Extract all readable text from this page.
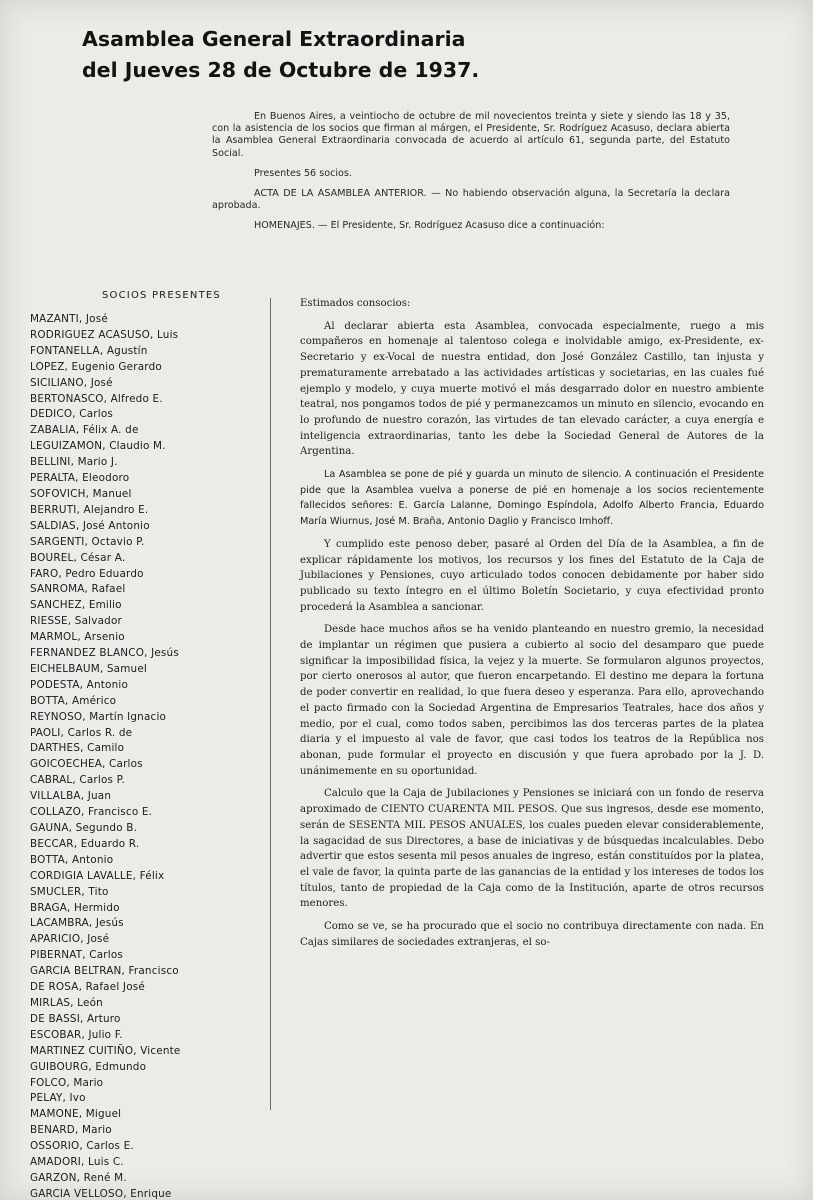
Asamblea General Extraordinaria
del Jueves 28 de Octubre de 1937.

En Buenos Aires, a veintiocho de octubre de mil novecientos treinta y siete y siendo las 18 y 35, con la asistencia de los socios que firman al márgen, el Presidente, Sr. Rodríguez Acasuso, declara abierta la Asamblea General Extraordinaria convocada de acuerdo al artículo 61, segunda parte, del Estatuto Social.

Presentes 56 socios.

ACTA DE LA ASAMBLEA ANTERIOR. — No habiendo observación alguna, la Secretaría la declara aprobada.

HOMENAJES. — El Presidente, Sr. Rodríguez Acasuso dice a continuación:

SOCIOS PRESENTES
MAZANTI, José
RODRIGUEZ ACASUSO, Luis
FONTANELLA, Agustín
LOPEZ, Eugenio Gerardo
SICILIANO, José
BERTONASCO, Alfredo E.
DEDICO, Carlos
ZABALIA, Félix A. de
LEGUIZAMON, Claudio M.
BELLINI, Mario J.
PERALTA, Eleodoro
SOFOVICH, Manuel
BERRUTI, Alejandro E.
SALDIAS, José Antonio
SARGENTI, Octavio P.
BOUREL, César A.
FARO, Pedro Eduardo
SANROMA, Rafael
SANCHEZ, Emilio
RIESSE, Salvador
MARMOL, Arsenio
FERNANDEZ BLANCO, Jesús
EICHELBAUM, Samuel
PODESTA, Antonio
BOTTA, Américo
REYNOSO, Martín Ignacio
PAOLI, Carlos R. de
DARTHES, Camilo
GOICOECHEA, Carlos
CABRAL, Carlos P.
VILLALBA, Juan
COLLAZO, Francisco E.
GAUNA, Segundo B.
BECCAR, Eduardo R.
BOTTA, Antonio
CORDIGIA LAVALLE, Félix
SMUCLER, Tito
BRAGA, Hermido
LACAMBRA, Jesús
APARICIO, José
PIBERNAT, Carlos
GARCIA BELTRAN, Francisco
DE ROSA, Rafael José
MIRLAS, León
DE BASSI, Arturo
ESCOBAR, Julio F.
MARTINEZ CUITIÑO, Vicente
GUIBOURG, Edmundo
FOLCO, Mario
PELAY, Ivo
MAMONE, Miguel
BENARD, Mario
OSSORIO, Carlos E.
AMADORI, Luis C.
GARZON, René M.
GARCIA VELLOSO, Enrique

Estimados consocios:

Al declarar abierta esta Asamblea, convocada especialmente, ruego a mis compañeros en homenaje al talentoso colega e inolvidable amigo, ex-Presidente, ex-Secretario y ex-Vocal de nuestra entidad, don José González Castillo, tan injusta y prematuramente arrebatado a las actividades artísticas y societarias, en las cuales fué ejemplo y modelo, y cuya muerte motivó el más desgarrado dolor en nuestro ambiente teatral, nos pongamos todos de pié y permanezcamos un minuto en silencio, evocando en lo profundo de nuestro corazón, las virtudes de tan elevado carácter, a cuya energía e inteligencia extraordinarias, tanto les debe la Sociedad General de Autores de la Argentina.

La Asamblea se pone de pié y guarda un minuto de silencio. A continuación el Presidente pide que la Asamblea vuelva a ponerse de pié en homenaje a los socios recientemente fallecidos señores: E. García Lalanne, Domingo Espíndola, Adolfo Alberto Francia, Eduardo María Wiurnus, José M. Braña, Antonio Daglio y Francisco Imhoff.

Y cumplido este penoso deber, pasaré al Orden del Día de la Asamblea, a fin de explicar rápidamente los motivos, los recursos y los fines del Estatuto de la Caja de Jubilaciones y Pensiones, cuyo articulado todos conocen debidamente por haber sido publicado su texto íntegro en el último Boletín Societario, y cuya efectividad pronto procederá la Asamblea a sancionar.

Desde hace muchos años se ha venido planteando en nuestro gremio, la necesidad de implantar un régimen que pusiera a cubierto al socio del desamparo que puede significar la imposibilidad física, la vejez y la muerte. Se formularon algunos proyectos, por cierto onerosos al autor, que fueron encarpetando. El destino me depara la fortuna de poder convertir en realidad, lo que fuera deseo y esperanza. Para ello, aprovechando el pacto firmado con la Sociedad Argentina de Empresarios Teatrales, hace dos años y medio, por el cual, como todos saben, percibimos las dos terceras partes de la platea diaria y el impuesto al vale de favor, que casi todos los teatros de la República nos abonan, pude formular el proyecto en discusión y que fuera aprobado por la J. D. unánimemente en su oportunidad.

Calculo que la Caja de Jubilaciones y Pensiones se iniciará con un fondo de reserva aproximado de CIENTO CUARENTA MIL PESOS. Que sus ingresos, desde ese momento, serán de SESENTA MIL PESOS ANUALES, los cuales pueden elevar considerablemente, la sagacidad de sus Directores, a base de iniciativas y de búsquedas incalculables. Debo advertir que estos sesenta mil pesos anuales de ingreso, están constituídos por la platea, el vale de favor, la quinta parte de las ganancias de la entidad y los intereses de todos los títulos, tanto de propiedad de la Caja como de la Institución, aparte de otros recursos menores.

Como se ve, se ha procurado que el socio no contribuya directamente con nada. En Cajas similares de sociedades extranjeras, el so-
